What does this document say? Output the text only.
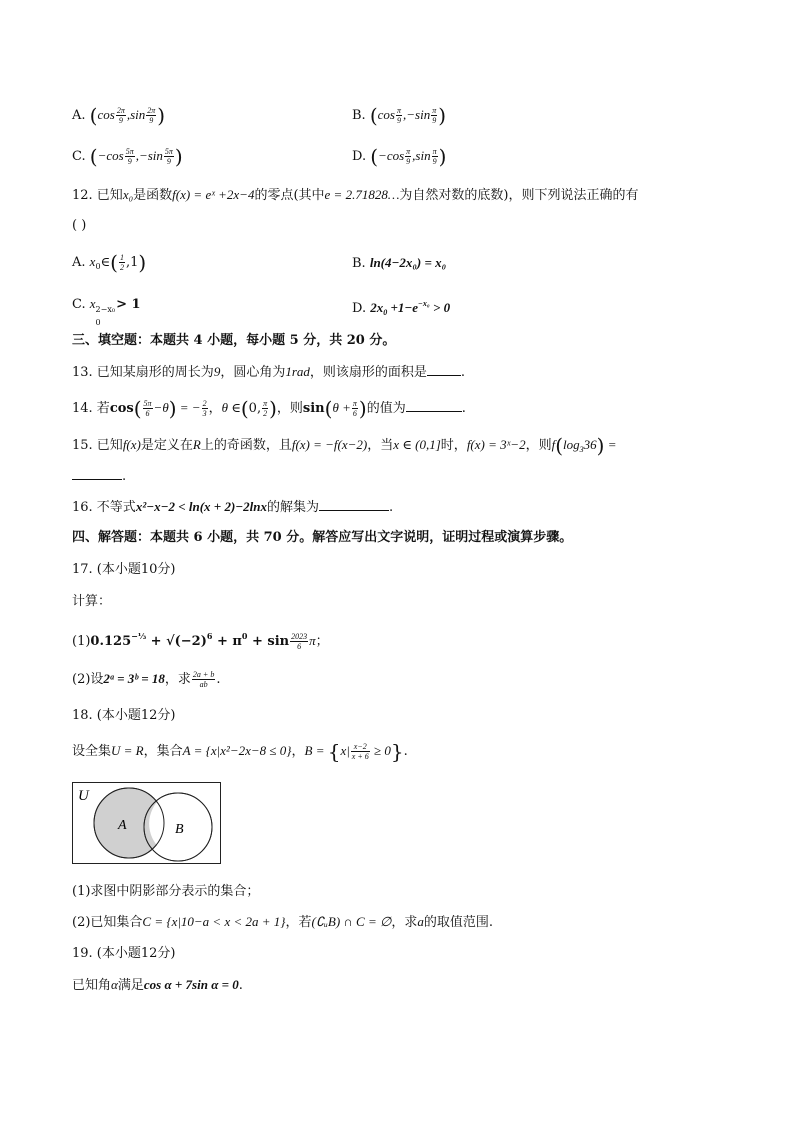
A. ($\cos \frac{2\pi}{9} ,\sin \frac{2\pi}{9}$ )	B. ($\cos \frac{\pi}{9} ,-\sin \frac{\pi}{9}$ )
C. ($-\cos \frac{5\pi}{9} ,-\sin \frac{5\pi}{9}$ )	D. ($-\cos \frac{\pi}{9} ,\sin \frac{\pi}{9}$ )
12. 已知x₀是函数f(x) = eˣ +2x−4的零点(其中e = 2.71828…为自然对数的底数)，则下列说法正确的有
( )
A. $x_0\in( \frac{1}{2} ,1)$	B. ln(4−2x₀) = x₀
C. x 2−x₀
0
> 1	D. $2x_0 +1-e^{-x_0} > 0$
三、填空题：本题共 4 小题，每小题 5 分，共 20 分。
13. 已知某扇形的周长为9，圆心角为1rad，则该扇形的面积是	.
14. 若$\cos( \frac{5\pi}{6} -\theta)$ = − $\frac{2}{3}$ ，θ ∈(0, $\frac{\pi}{2}$ )，则$\sin(\theta + \frac{\pi}{6}$ )的值为	.
15. 已知f(x)是定义在R上的奇函数，且f(x) = −f(x−2)，当x ∈ (0,1]时，f(x) = 3ˣ−2，则$f(\log_336)$ =
.
16. 不等式x²−x−2 < ln(x + 2)−2lnx的解集为	.
四、解答题：本题共 6 小题，共 70 分。解答应写出文字说明，证明过程或演算步骤。
17. (本小题10分)
计算：
$(1)0.125^{-\frac{1}{3}} + √(-2)^6 + \pi^0 + \sin \frac{2023}{6}$ π；
(2)设2ᵃ = 3ᵇ = 18，求 $\frac{2a + b}{ab}$ .
18. (本小题12分)
设全集U = R，集合A = {x|x²−2x−8 ≤ 0}，$B = \{x| \frac{x-2}{x + 6} \ge 0\}$.
U
A	B
(1)求图中阴影部分表示的集合；
(2)已知集合C = {x|10−a < x < 2a + 1}，若(∁ᵤB) ∩ C = ∅，求a的取值范围.
19. (本小题12分)
已知角α满足cos α + 7sin α = 0.
